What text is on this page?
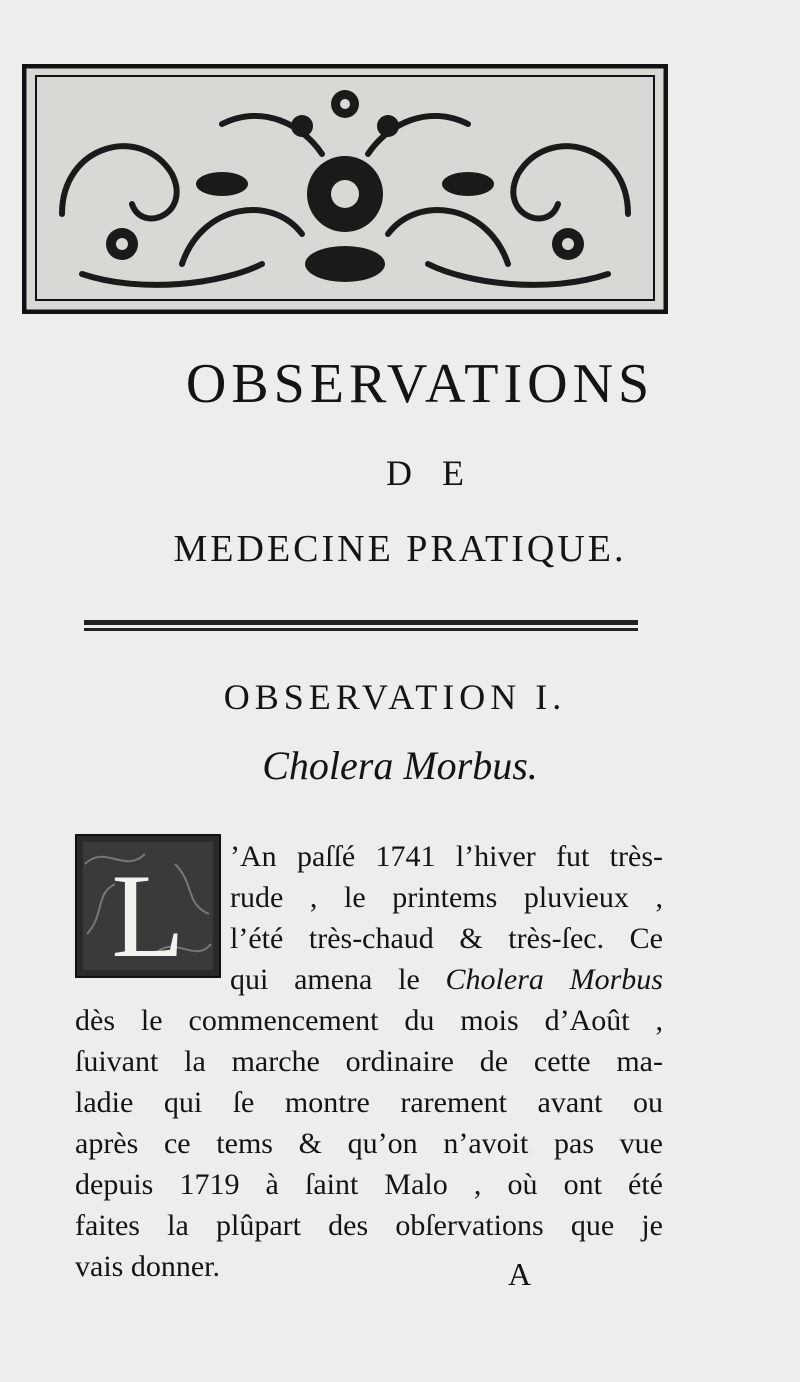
OBSERVATIONS
DE
MEDECINE PRATIQUE.
OBSERVATION I.
Cholera Morbus.
L	’An paſſé 1741 l’hiver fut très-
rude , le printems pluvieux ,
l’été très-chaud & très-ſec. Ce
qui amena le Cholera Morbus
dès le commencement du mois d’Août ,
ſuivant la marche ordinaire de cette ma-
ladie qui ſe montre rarement avant ou
après ce tems & qu’on n’avoit pas vue
depuis 1719 à ſaint Malo , où ont été
faites la plûpart des obſervations que je
vais donner.	A
